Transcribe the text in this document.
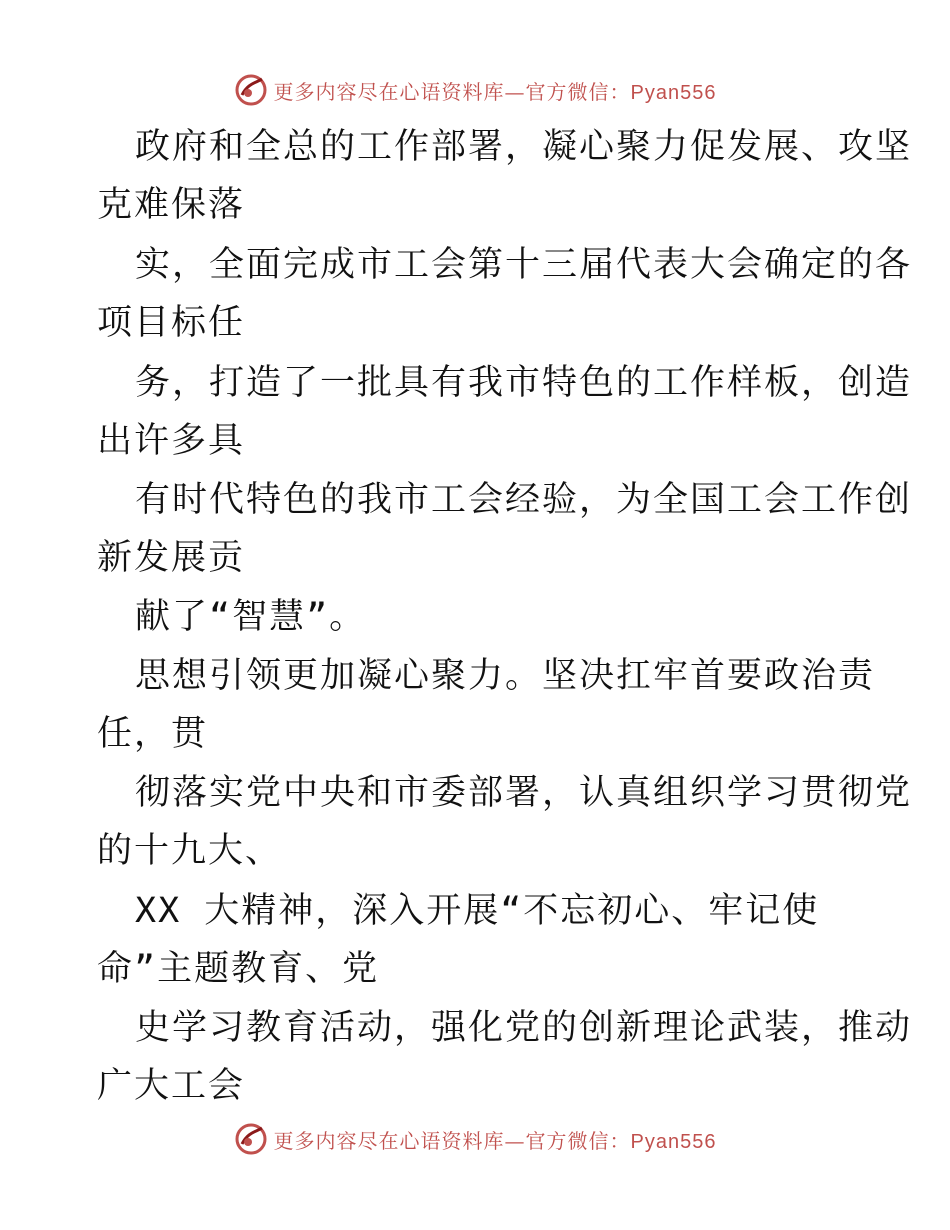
更多内容尽在心语资料库—官方微信：Pyan556
政府和全总的工作部署，凝心聚力促发展、攻坚
克难保落
实，全面完成市工会第十三届代表大会确定的各
项目标任
务，打造了一批具有我市特色的工作样板，创造
出许多具
有时代特色的我市工会经验，为全国工会工作创
新发展贡
献了“智慧”。
思想引领更加凝心聚力。坚决扛牢首要政治责
任，贯
彻落实党中央和市委部署，认真组织学习贯彻党
的十九大、
XX 大精神，深入开展“不忘初心、牢记使
命”主题教育、党
史学习教育活动，强化党的创新理论武装，推动
广大工会
更多内容尽在心语资料库—官方微信：Pyan556
